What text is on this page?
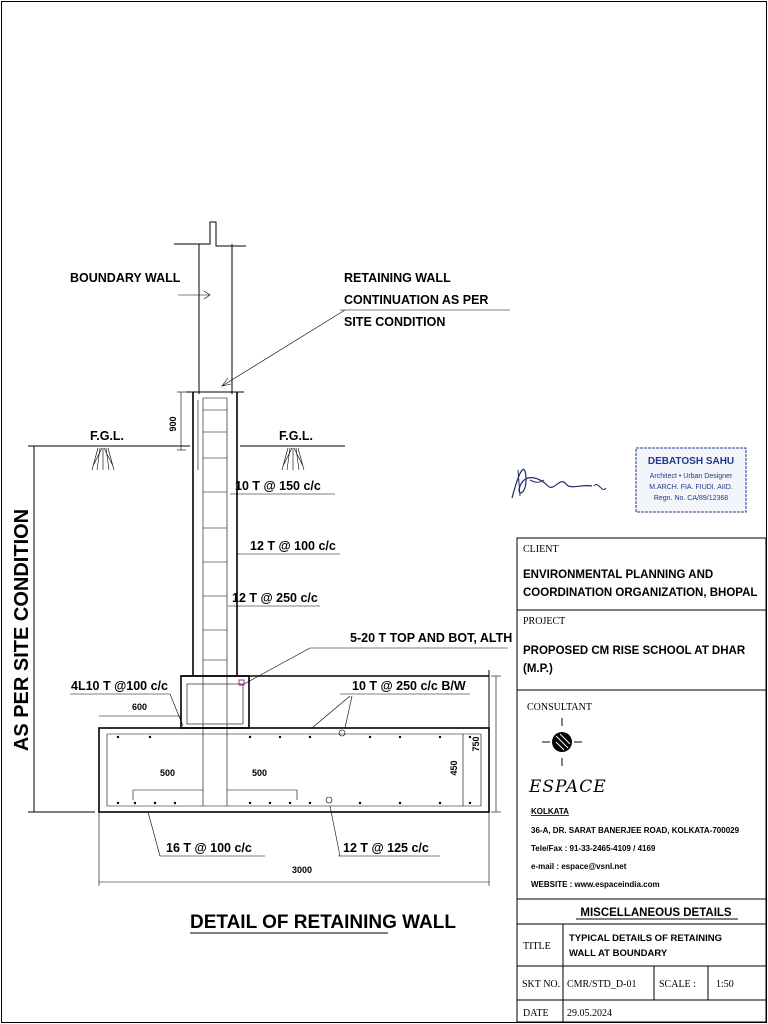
900
F.G.L.	F.G.L.
AS PER SITE CONDITION	600
500	500	450
750
3000
BOUNDARY WALL	RETAINING WALL
CONTINUATION AS PER
SITE CONDITION
10 T @ 150 c/c
12 T @ 100 c/c
12 T @ 250 c/c
5-20 T TOP AND BOT, ALTH
4L10 T @100 c/c	10 T @ 250 c/c B/W
16 T @ 100 c/c	12 T @ 125 c/c
DETAIL OF RETAINING WALL
DEBATOSH SAHU
Architect • Urban Designer
M.ARCH. FIA. FIUDI. AIID.
Regn. No. CA/89/12368
CLIENT
ENVIRONMENTAL PLANNING AND
COORDINATION ORGANIZATION, BHOPAL
PROJECT
PROPOSED CM RISE SCHOOL AT DHAR
(M.P.)
CONSULTANT
ESPACE
KOLKATA
36-A, DR. SARAT BANERJEE ROAD, KOLKATA-700029
Tele/Fax : 91-33-2465-4109 / 4169
e-mail : espace@vsnl.net
WEBSITE : www.espaceindia.com
MISCELLANEOUS DETAILS
TITLE
TYPICAL DETAILS OF RETAINING
WALL AT BOUNDARY
SKT NO. CMR/STD_D-01 SCALE : 1:50
DATE 29.05.2024
